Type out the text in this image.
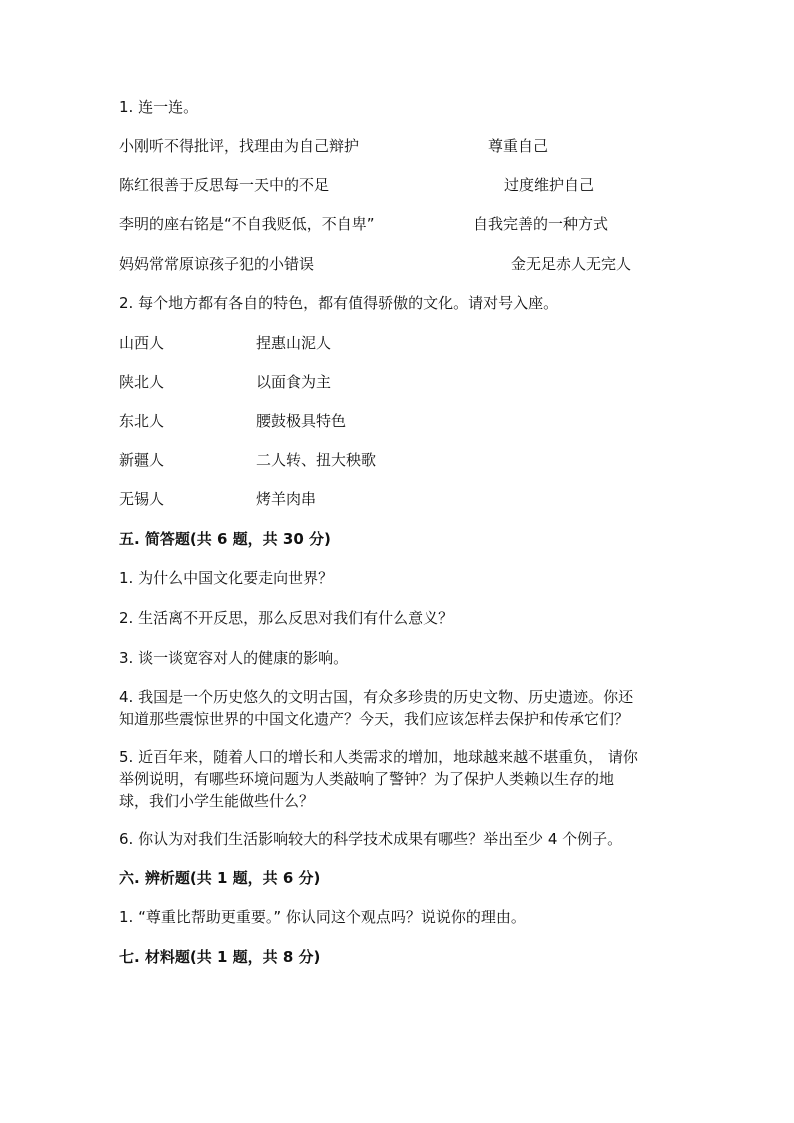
1. 连一连。
小刚听不得批评，找理由为自己辩护	尊重自己
陈红很善于反思每一天中的不足	过度维护自己
李明的座右铭是“不自我贬低，不自卑”	自我完善的一种方式
妈妈常常原谅孩子犯的小错误	金无足赤人无完人
2. 每个地方都有各自的特色，都有值得骄傲的文化。请对号入座。
山西人	捏惠山泥人
陕北人	以面食为主
东北人	腰鼓极具特色
新疆人	二人转、扭大秧歌
无锡人	烤羊肉串
五. 简答题(共 6 题，共 30 分)
1. 为什么中国文化要走向世界？
2. 生活离不开反思，那么反思对我们有什么意义？
3. 谈一谈宽容对人的健康的影响。
4. 我国是一个历史悠久的文明古国，有众多珍贵的历史文物、历史遗迹。你还
知道那些震惊世界的中国文化遗产？今天，我们应该怎样去保护和传承它们？
5. 近百年来，随着人口的增长和人类需求的增加，地球越来越不堪重负， 请你
举例说明，有哪些环境问题为人类敲响了警钟？为了保护人类赖以生存的地
球，我们小学生能做些什么？
6. 你认为对我们生活影响较大的科学技术成果有哪些？举出至少 4 个例子。
六. 辨析题(共 1 题，共 6 分)
1. “尊重比帮助更重要。” 你认同这个观点吗？说说你的理由。
七. 材料题(共 1 题，共 8 分)
